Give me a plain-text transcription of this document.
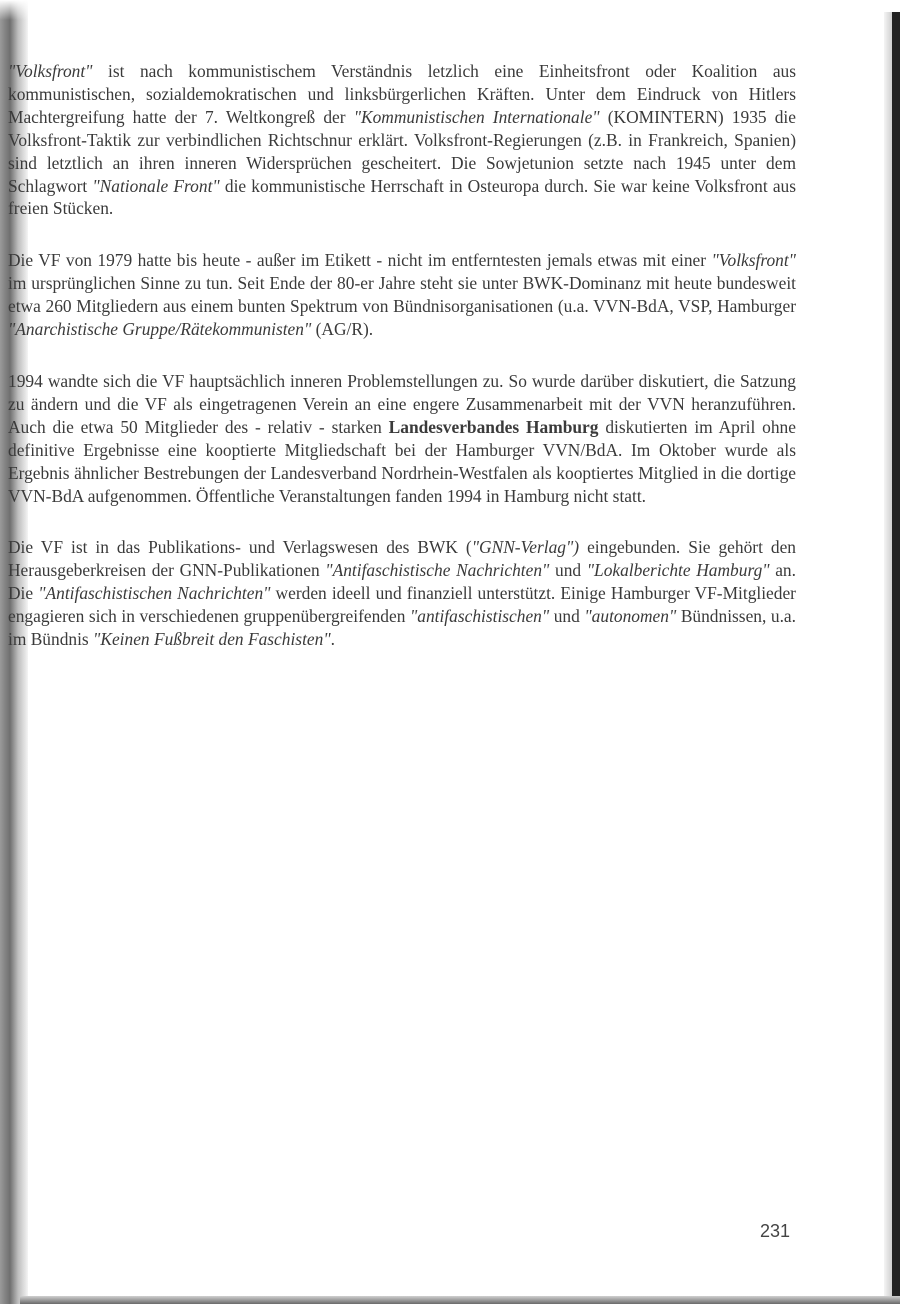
"Volksfront" ist nach kommunistischem Verständnis letzlich eine Einheitsfront oder Koalition aus kommunistischen, sozialdemokratischen und linksbürgerlichen Kräften. Unter dem Eindruck von Hitlers Machtergreifung hatte der 7. Weltkongreß der "Kommunistischen Internationale" (KOMINTERN) 1935 die Volksfront-Taktik zur verbindlichen Richtschnur erklärt. Volksfront-Regierungen (z.B. in Frankreich, Spanien) sind letztlich an ihren inneren Widersprüchen gescheitert. Die Sowjetunion setzte nach 1945 unter dem Schlagwort "Nationale Front" die kommunistische Herrschaft in Osteuropa durch. Sie war keine Volksfront aus freien Stücken.

Die VF von 1979 hatte bis heute - außer im Etikett - nicht im entferntesten jemals etwas mit einer "Volksfront" im ursprünglichen Sinne zu tun. Seit Ende der 80-er Jahre steht sie unter BWK-Dominanz mit heute bundesweit etwa 260 Mitgliedern aus einem bunten Spektrum von Bündnisorganisationen (u.a. VVN-BdA, VSP, Hamburger "Anarchistische Gruppe/Rätekommunisten" (AG/R).

1994 wandte sich die VF hauptsächlich inneren Problemstellungen zu. So wurde darüber diskutiert, die Satzung zu ändern und die VF als eingetragenen Verein an eine engere Zusammenarbeit mit der VVN heranzuführen. Auch die etwa 50 Mitglieder des - relativ - starken Landesverbandes Hamburg diskutierten im April ohne definitive Ergebnisse eine kooptierte Mitgliedschaft bei der Hamburger VVN/BdA. Im Oktober wurde als Ergebnis ähnlicher Bestrebungen der Landesverband Nordrhein-Westfalen als kooptiertes Mitglied in die dortige VVN-BdA aufgenommen. Öffentliche Veranstaltungen fanden 1994 in Hamburg nicht statt.

Die VF ist in das Publikations- und Verlagswesen des BWK ("GNN-Verlag") eingebunden. Sie gehört den Herausgeberkreisen der GNN-Publikationen "Antifaschistische Nachrichten" und "Lokalberichte Hamburg" an. Die "Antifaschistischen Nachrichten" werden ideell und finanziell unterstützt. Einige Hamburger VF-Mitglieder engagieren sich in verschiedenen gruppenübergreifenden "antifaschistischen" und "autonomen" Bündnissen, u.a. im Bündnis "Keinen Fußbreit den Faschisten".

231
